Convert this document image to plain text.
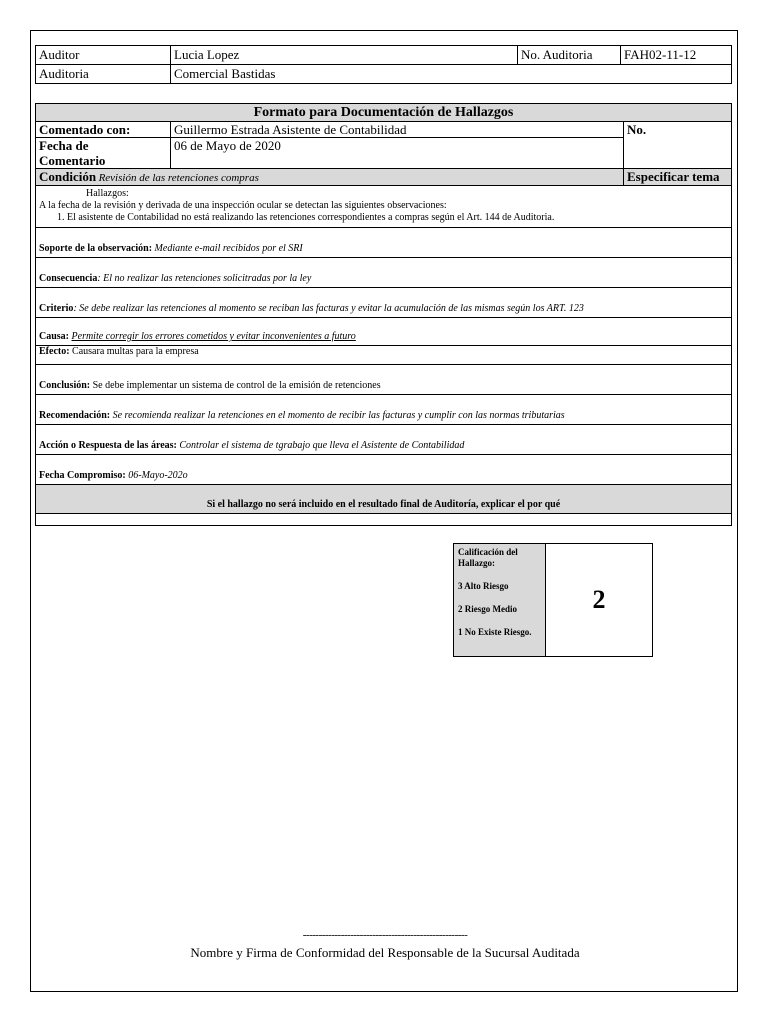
Auditor	Lucia Lopez	No. Auditoria	FAH02-11-12
Auditoria	Comercial Bastidas		
Formato para Documentación de Hallazgos		
Comentado con:	Guillermo Estrada Asistente de Contabilidad	No.

Fecha de
Comentario	06 de Mayo de 2020	
Condición Revisión de las retenciones compras		Especificar tema

Hallazgos:
A la fecha de la revisión y derivada de una inspección ocular se detectan las siguientes observaciones:
1. El asistente de Contabilidad no está realizando las retenciones correspondientes a compras según el Art. 144 de Auditoria.		

Soporte de la observación: Mediante e-mail recibidos por el SRI		
Consecuencia: El no realizar las retenciones solicitradas por la ley		
Criterio: Se debe realizar las retenciones al momento se reciban las facturas y evitar la acumulación de las mismas según los ART. 123		
Causa: Permite corregir los errores cometidos y evitar inconvenientes a futuro		
Efecto: Causara multas para la empresa		
Conclusión: Se debe implementar un sistema de control de la emisión de retenciones		
Recomendación: Se recomienda realizar la retenciones en el momento de recibir las facturas y cumplir con las normas tributarias		
Acción o Respuesta de las áreas: Controlar el sistema de tgrabajo que lleva el Asistente de Contabilidad		
Fecha Compromiso: 06-Mayo-202o		
Si el hallazgo no será incluido en el resultado final de Auditoría, explicar el por qué		

Calificación del Hallazgo:
3 Alto Riesgo
2 Riesgo Medio
1 No Existe Riesgo.
	2
----------------------------------------------------
Nombre y Firma de Conformidad del Responsable de la Sucursal Auditada
